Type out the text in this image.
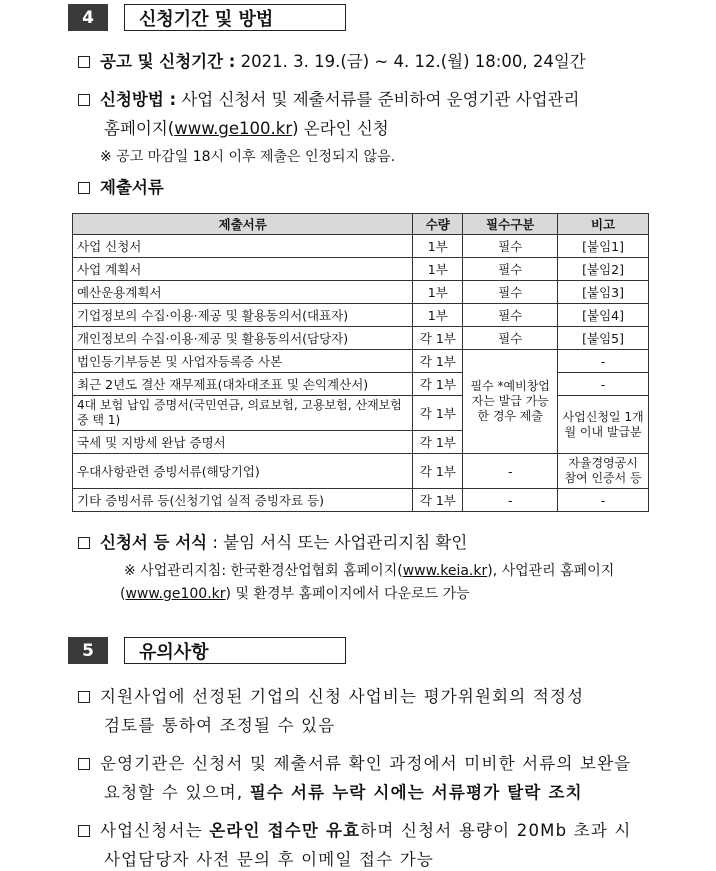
4	신청기간 및 방법
공고 및 신청기간 : 2021. 3. 19.(금) ~ 4. 12.(월) 18:00, 24일간
신청방법 : 사업 신청서 및 제출서류를 준비하여 운영기관 사업관리
홈페이지(www.ge100.kr) 온라인 신청
※ 공고 마감일 18시 이후 제출은 인정되지 않음.
제출서류
제출서류	수량	필수구분	비고
사업 신청서	1부	필수	[붙임1]
사업 계획서	1부	필수	[붙임2]
예산운용계획서	1부	필수	[붙임3]
기업정보의 수집·이용·제공 및 활용동의서(대표자)	1부	필수	[붙임4]
개인정보의 수집·이용·제공 및 활용동의서(담당자)	각 1부	필수	[붙임5]
법인등기부등본 및 사업자등록증 사본	각 1부	필수 *예비창업자는 발급 가능한 경우 제출	-
최근 2년도 결산 재무제표(대차대조표 및 손익계산서)	각 1부		-
4대 보험 납입 증명서(국민연금, 의료보험, 고용보험, 산재보험 중 택 1)	각 1부		사업신청일 1개월 이내 발급분
국세 및 지방세 완납 증명서	각 1부		
우대사항관련 증빙서류(해당기업)	각 1부	-	자율경영공시 참여 인증서 등
기타 증빙서류 등(신청기업 실적 증빙자료 등)	각 1부	-	-
신청서 등 서식 : 붙임 서식 또는 사업관리지침 확인
※ 사업관리지침: 한국환경산업협회 홈페이지(www.keia.kr), 사업관리 홈페이지
(www.ge100.kr) 및 환경부 홈페이지에서 다운로드 가능
5	유의사항
지원사업에 선정된 기업의 신청 사업비는 평가위원회의 적정성
검토를 통하여 조정될 수 있음
운영기관은 신청서 및 제출서류 확인 과정에서 미비한 서류의 보완을
요청할 수 있으며, 필수 서류 누락 시에는 서류평가 탈락 조치
사업신청서는 온라인 접수만 유효하며 신청서 용량이 20Mb 초과 시
사업담당자 사전 문의 후 이메일 접수 가능
